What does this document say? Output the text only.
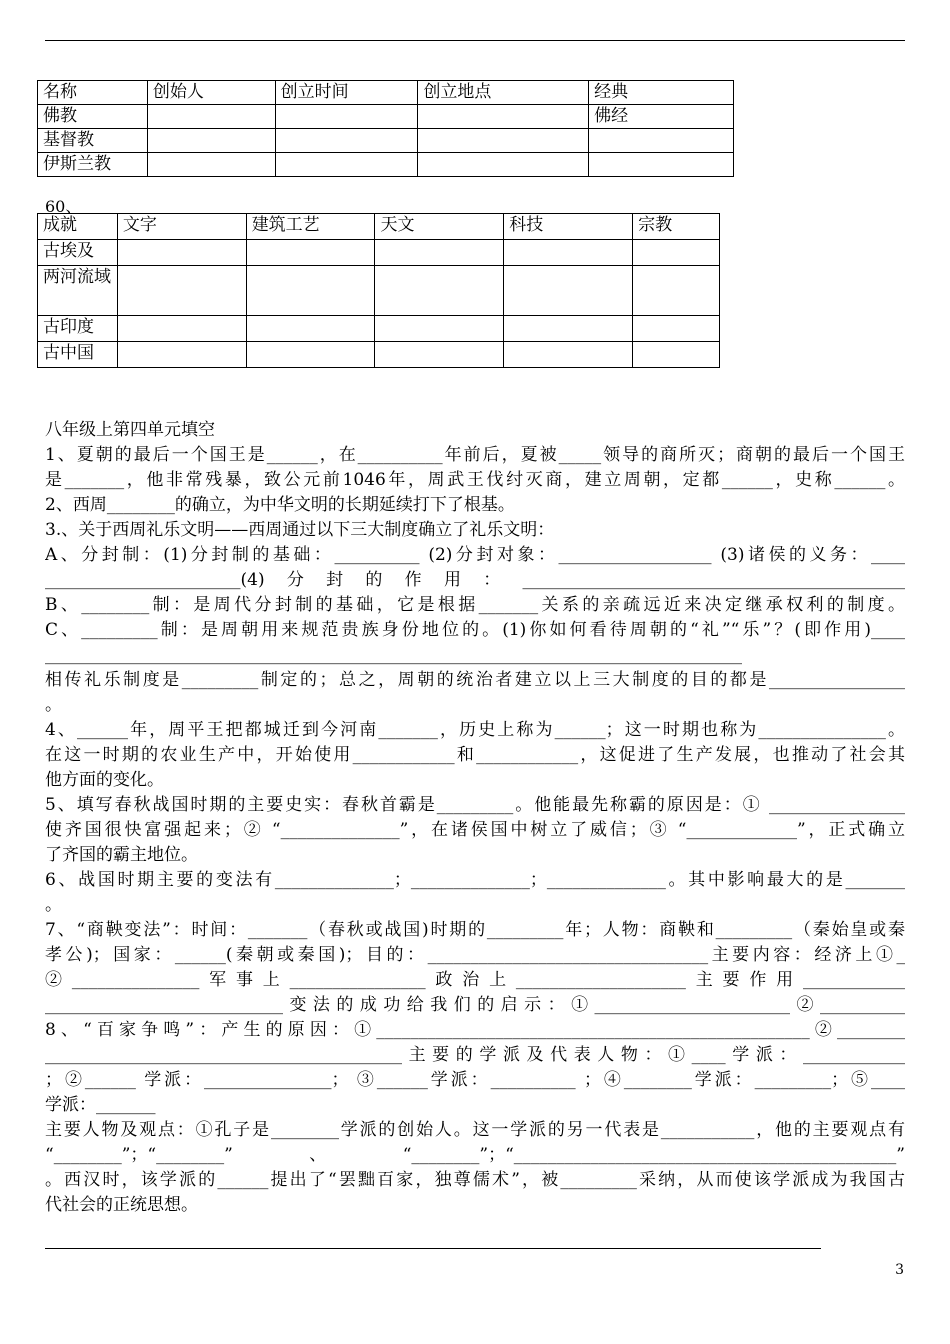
名称	创始人	创立时间	创立地点	经典
佛教				佛经
基督教				
伊斯兰教				
60、
成就	文字	建筑工艺	天文	科技	宗教
古埃及					
两河流域					
古印度					
古中国					

八年级上第四单元填空

1、夏朝的最后一个国王是______，在__________年前后，夏被_____领导的商所灭；商朝的最后一个国王

是_______，他非常残暴，致公元前1046年，周武王伐纣灭商，建立周朝，定都______，史称______。

2、西周________的确立，为中华文明的长期延续打下了根基。

3.、关于西周礼乐文明——西周通过以下三大制度确立了礼乐文明：

A、分封制：(1)分封制的基础：__________ (2)分封对象：__________________ (3)诸侯的义务：____

_______________________(4)分封的作用：_____________________________________________

B、________制：是周代分封制的基础，它是根据_______关系的亲疏远近来决定继承权利的制度。

C、_________制：是周朝用来规范贵族身份地位的。(1)你如何看待周朝的“礼”“乐”？(即作用)____

__________________________________________________________________________________

相传礼乐制度是_________制定的；总之，周朝的统治者建立以上三大制度的目的都是________________

。

4、______年，周平王把都城迁到今河南_______，历史上称为______；这一时期也称为_______________。

在这一时期的农业生产中，开始使用____________和____________，这促进了生产发展，也推动了社会其

他方面的变化。

5、填写春秋战国时期的主要史实：春秋首霸是_________。他能最先称霸的原因是：① ________________

使齐国很快富强起来；② “______________”，在诸侯国中树立了威信；③ “_____________”，正式确立

了齐国的霸主地位。

6、战国时期主要的变法有______________；______________；______________。其中影响最大的是_______

。

7、“商鞅变法”：时间：_______（春秋或战国)时期的_________年；人物：商鞅和_________（秦始皇或秦

孝公)；国家：______(秦朝或秦国)；目的：_________________________________主要内容：经济上①_

②_______________军事上________________政治上____________________主要作用____________

____________________________变法的成功给我们的启示：①_______________________②__________

8、“百家争鸣”：产生的原因：①___________________________________________________②________

__________________________________________主要的学派及代表人物：①____学派：____________

；②______ 学派：_______________； ③______学派：__________ ；④________学派：_________；⑤____

学派：_______

主要人物及观点：①孔子是________学派的创始人。这一学派的另一代表是___________，他的主要观点有

“________”；“________”、“________”；“_____________________________________________”

。西汉时，该学派的______提出了“罢黜百家，独尊儒术”，被_________采纳，从而使该学派成为我国古

代社会的正统思想。

3
